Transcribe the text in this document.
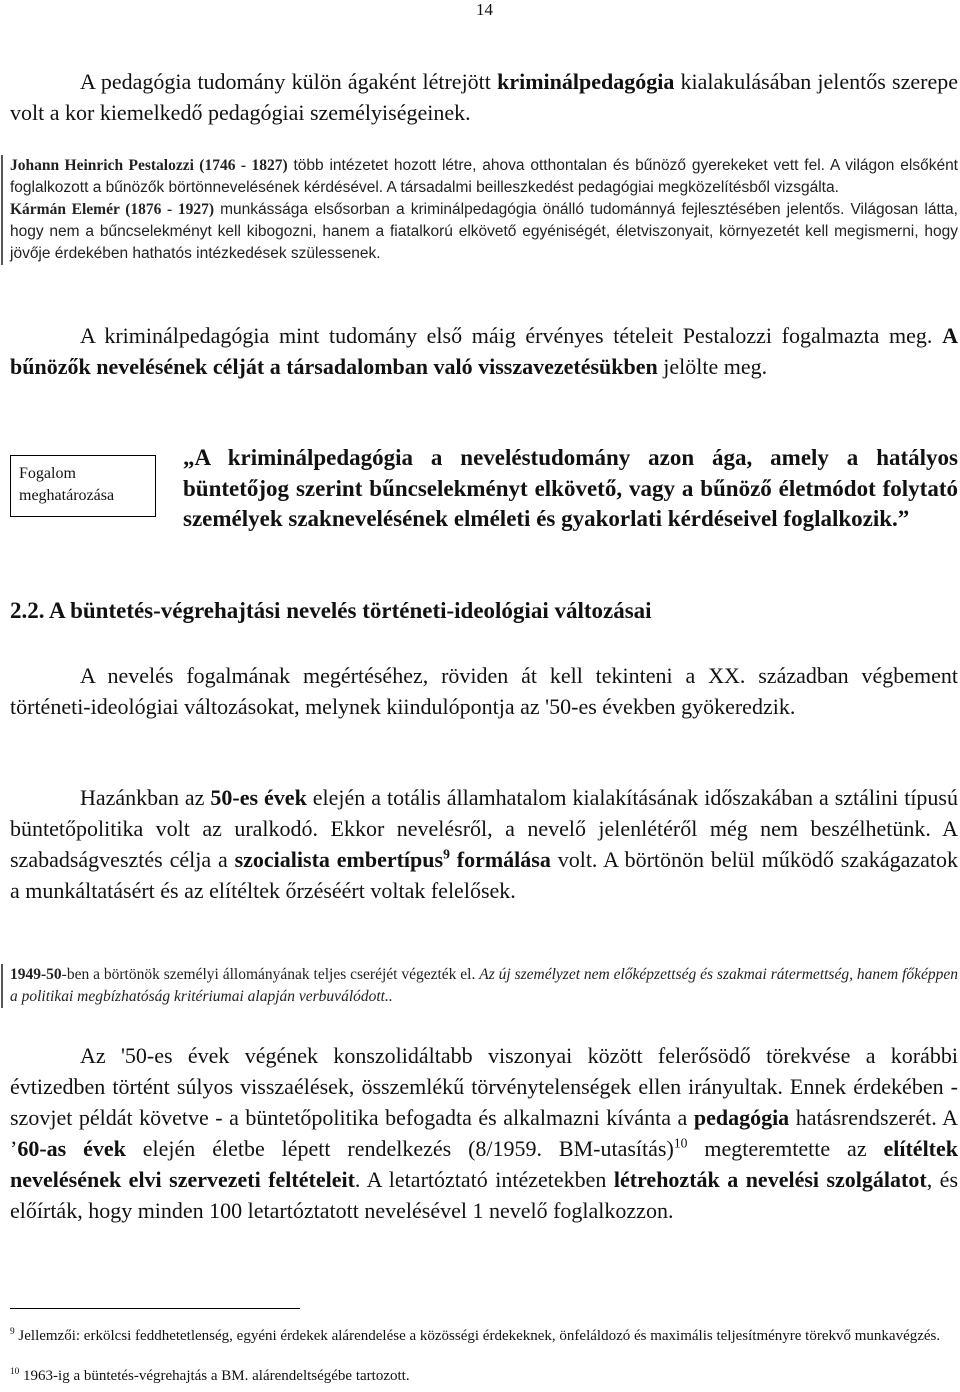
14

A pedagógia tudomány külön ágaként létrejött kriminálpedagógia kialakulásában jelentős szerepe volt a kor kiemelkedő pedagógiai személyiségeinek.

Johann Heinrich Pestalozzi (1746 - 1827) több intézetet hozott létre, ahova otthontalan és bűnöző gyerekeket vett fel. A világon elsőként foglalkozott a bűnözők börtönnevelésének kérdésével. A társadalmi beilleszkedést pedagógiai megközelítésből vizsgálta.

Kármán Elemér (1876 - 1927) munkássága elsősorban a kriminálpedagógia önálló tudománnyá fejlesztésében jelentős. Világosan látta, hogy nem a bűncselekményt kell kibogozni, hanem a fiatalkorú elkövető egyéniségét, életviszonyait, környezetét kell megismerni, hogy jövője érdekében hathatós intézkedések szülessenek.

A kriminálpedagógia mint tudomány első máig érvényes tételeit Pestalozzi fogalmazta meg. A bűnözők nevelésének célját a társadalomban való visszavezetésükben jelölte meg.

Fogalom meghatározása

„A kriminálpedagógia a neveléstudomány azon ága, amely a hatályos büntetőjog szerint bűncselekményt elkövető, vagy a bűnöző életmódot folytató személyek szaknevelésének elméleti és gyakorlati kérdéseivel foglalkozik.”

2.2. A büntetés-végrehajtási nevelés történeti-ideológiai változásai

A nevelés fogalmának megértéséhez, röviden át kell tekinteni a XX. században végbement történeti-ideológiai változásokat, melynek kiindulópontja az '50-es években gyökeredzik.

Hazánkban az 50-es évek elején a totális államhatalom kialakításának időszakában a sztálini típusú büntetőpolitika volt az uralkodó. Ekkor nevelésről, a nevelő jelenlétéről még nem beszélhetünk. A szabadságvesztés célja a szocialista embertípus$^9$ formálása volt. A börtönön belül működő szakágazatok a munkáltatásért és az elítéltek őrzéséért voltak felelősek.

1949-50-ben a börtönök személyi állományának teljes cseréjét végezték el. Az új személyzet nem előképzettség és szakmai rátermettség, hanem főképpen a politikai megbízhatóság kritériumai alapján verbuválódott..

Az '50-es évek végének konszolidáltabb viszonyai között felerősödő törekvése a korábbi évtizedben történt súlyos visszaélések, összemlékű törvénytelenségek ellen irányultak. Ennek érdekében - szovjet példát követve - a büntetőpolitika befogadta és alkalmazni kívánta a pedagógia hatásrendszerét. A ’60-as évek elején életbe lépett rendelkezés (8/1959. BM-utasítás)$^{10}$ megteremtette az elítéltek nevelésének elvi szervezeti feltételeit. A letartóztató intézetekben létrehozták a nevelési szolgálatot, és előírták, hogy minden 100 letartóztatott nevelésével 1 nevelő foglalkozzon.

$^9$ Jellemzői: erkölcsi feddhetetlenség, egyéni érdekek alárendelése a közösségi érdekeknek, önfeláldozó és maximális teljesítményre törekvő munkavégzés.

$^{10}$ 1963-ig a büntetés-végrehajtás a BM. alárendeltségébe tartozott.
